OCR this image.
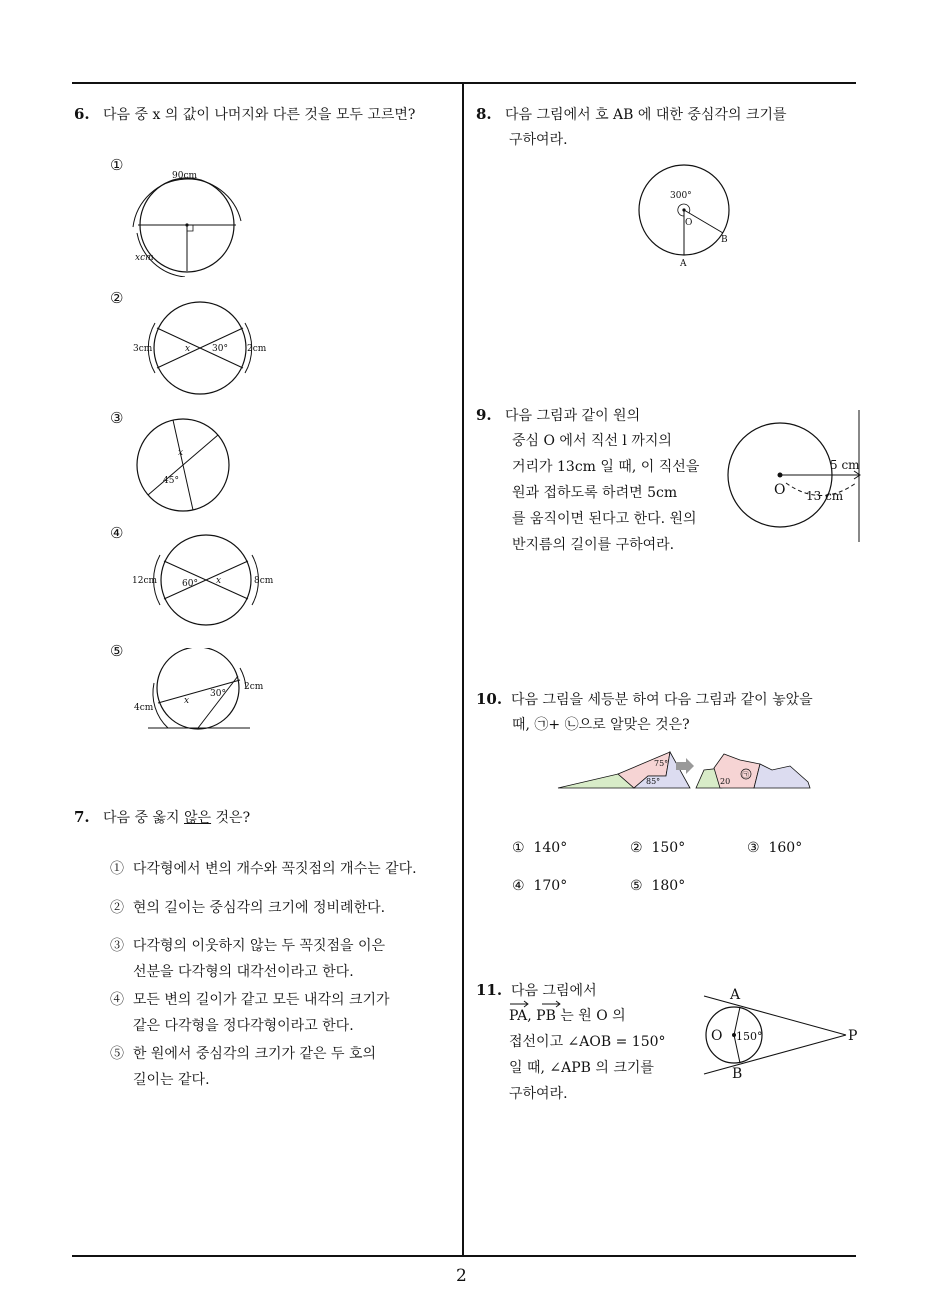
2
6. 다음 중 x 의 값이 나머지와 다른 것을 모두 고르면?
①
90cm
xcm
②
3cm	x 30° 2cm
③
x
45°
④
12cm	60° x	8cm
⑤
2cm
30°
4cm
x
7. 다음 중 옳지 않은 것은?
① 다각형에서 변의 개수와 꼭짓점의 개수는 같다.
② 현의 길이는 중심각의 크기에 정비례한다.
③ 다각형의 이웃하지 않는 두 꼭짓점을 이은
선분을 다각형의 대각선이라고 한다.
④ 모든 변의 길이가 같고 모든 내각의 크기가
같은 다각형을 정다각형이라고 한다.
⑤ 한 원에서 중심각의 크기가 같은 두 호의
길이는 같다.
8. 다음 그림에서 호 AB 에 대한 중심각의 크기를
구하여라.
300°
O
B
A
9. 다음 그림과 같이 원의
중심 O 에서 직선 l 까지의
거리가 13cm 일 때, 이 직선을
원과 접하도록 하려면 5cm
를 움직이면 된다고 한다. 원의
반지름의 길이를 구하여라.
5 cm
O 13 cm
10. 다음 그림을 세등분 하여 다음 그림과 같이 놓았을
때, ㉠+ ㉡으로 알맞은 것은?
75°
85°	20
㉠
① 140°	② 150°	③ 160°
④ 170°	⑤ 180°
11. 다음 그림에서
PA, PB 는 원 O 의
접선이고 ∠AOB = 150°
일 때, ∠APB 의 크기를
구하여라.
A
O 150°	P
B
